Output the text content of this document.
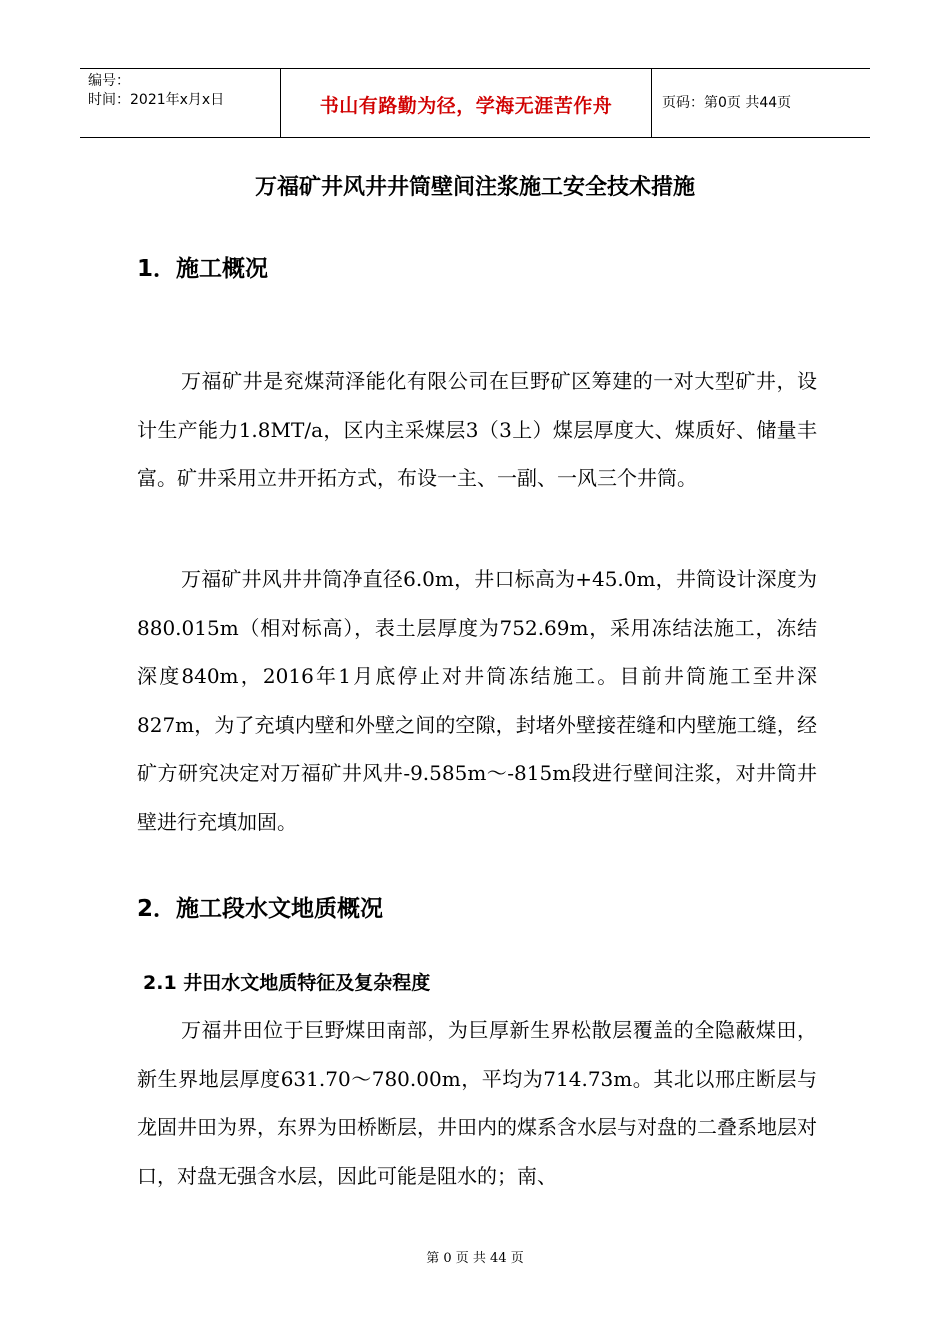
编号：
时间：2021年x月x日	书山有路勤为径，学海无涯苦作舟	页码：第0页 共44页
万福矿井风井井筒壁间注浆施工安全技术措施
1．施工概况

万福矿井是兖煤菏泽能化有限公司在巨野矿区筹建的一对大型矿井，设计生产能力1.8MT/a，区内主采煤层3（3上）煤层厚度大、煤质好、储量丰富。矿井采用立井开拓方式，布设一主、一副、一风三个井筒。

万福矿井风井井筒净直径6.0m，井口标高为+45.0m，井筒设计深度为880.015m（相对标高），表土层厚度为752.69m，采用冻结法施工，冻结深度840m，2016年1月底停止对井筒冻结施工。目前井筒施工至井深827m，为了充填内壁和外壁之间的空隙，封堵外壁接茬缝和内壁施工缝，经矿方研究决定对万福矿井风井-9.585m～-815m段进行壁间注浆，对井筒井壁进行充填加固。

2．施工段水文地质概况
2.1 井田水文地质特征及复杂程度

万福井田位于巨野煤田南部，为巨厚新生界松散层覆盖的全隐蔽煤田，新生界地层厚度631.70～780.00m，平均为714.73m。其北以邢庄断层与龙固井田为界，东界为田桥断层，井田内的煤系含水层与对盘的二叠系地层对口，对盘无强含水层，因此可能是阻水的；南、

第 0 页 共 44 页
